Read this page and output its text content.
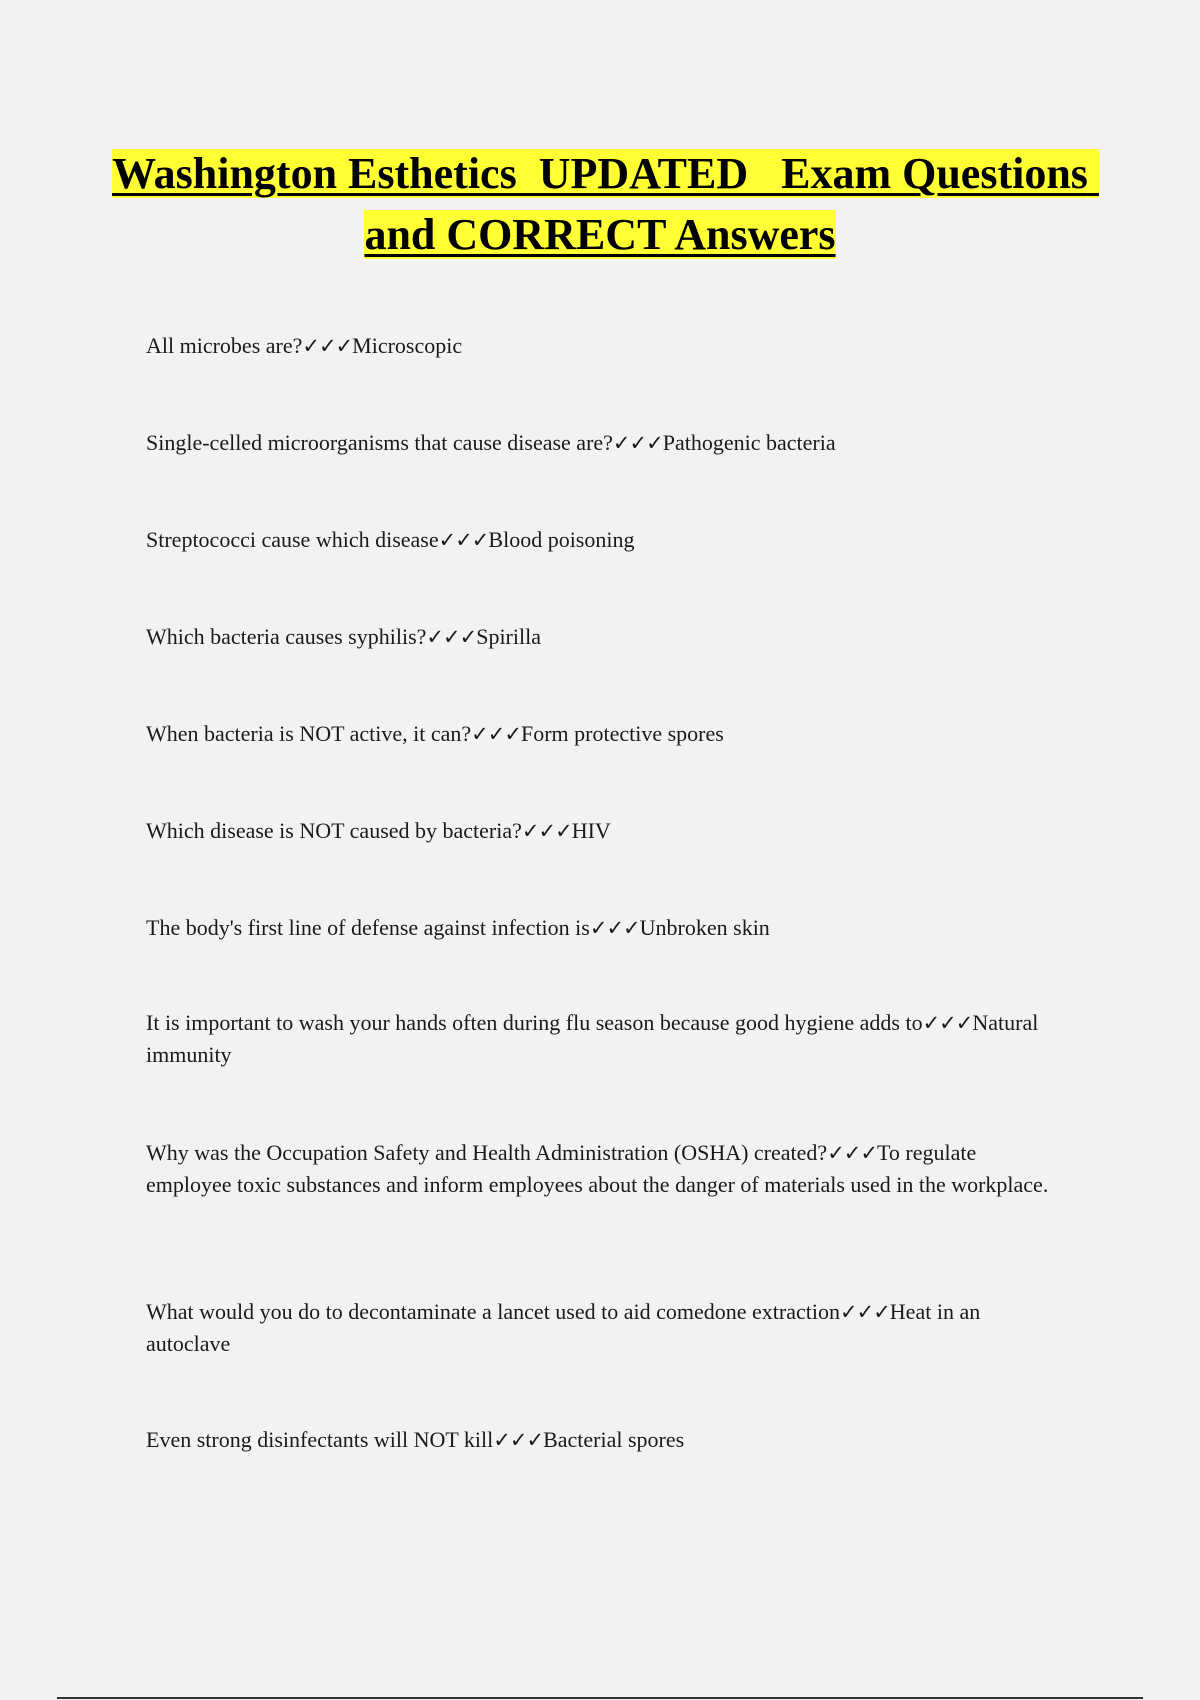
Washington Esthetics  UPDATED   Exam Questions and CORRECT Answers

All microbes are?✓✓✓Microscopic

Single-celled microorganisms that cause disease are?✓✓✓Pathogenic bacteria

Streptococci cause which disease✓✓✓Blood poisoning

Which bacteria causes syphilis?✓✓✓Spirilla

When bacteria is NOT active, it can?✓✓✓Form protective spores

Which disease is NOT caused by bacteria?✓✓✓HIV

The body's first line of defense against infection is✓✓✓Unbroken skin

It is important to wash your hands often during flu season because good hygiene adds to✓✓✓Natural immunity

Why was the Occupation Safety and Health Administration (OSHA) created?✓✓✓To regulate employee toxic substances and inform employees about the danger of materials used in the workplace.

What would you do to decontaminate a lancet used to aid comedone extraction✓✓✓Heat in an autoclave

Even strong disinfectants will NOT kill✓✓✓Bacterial spores
